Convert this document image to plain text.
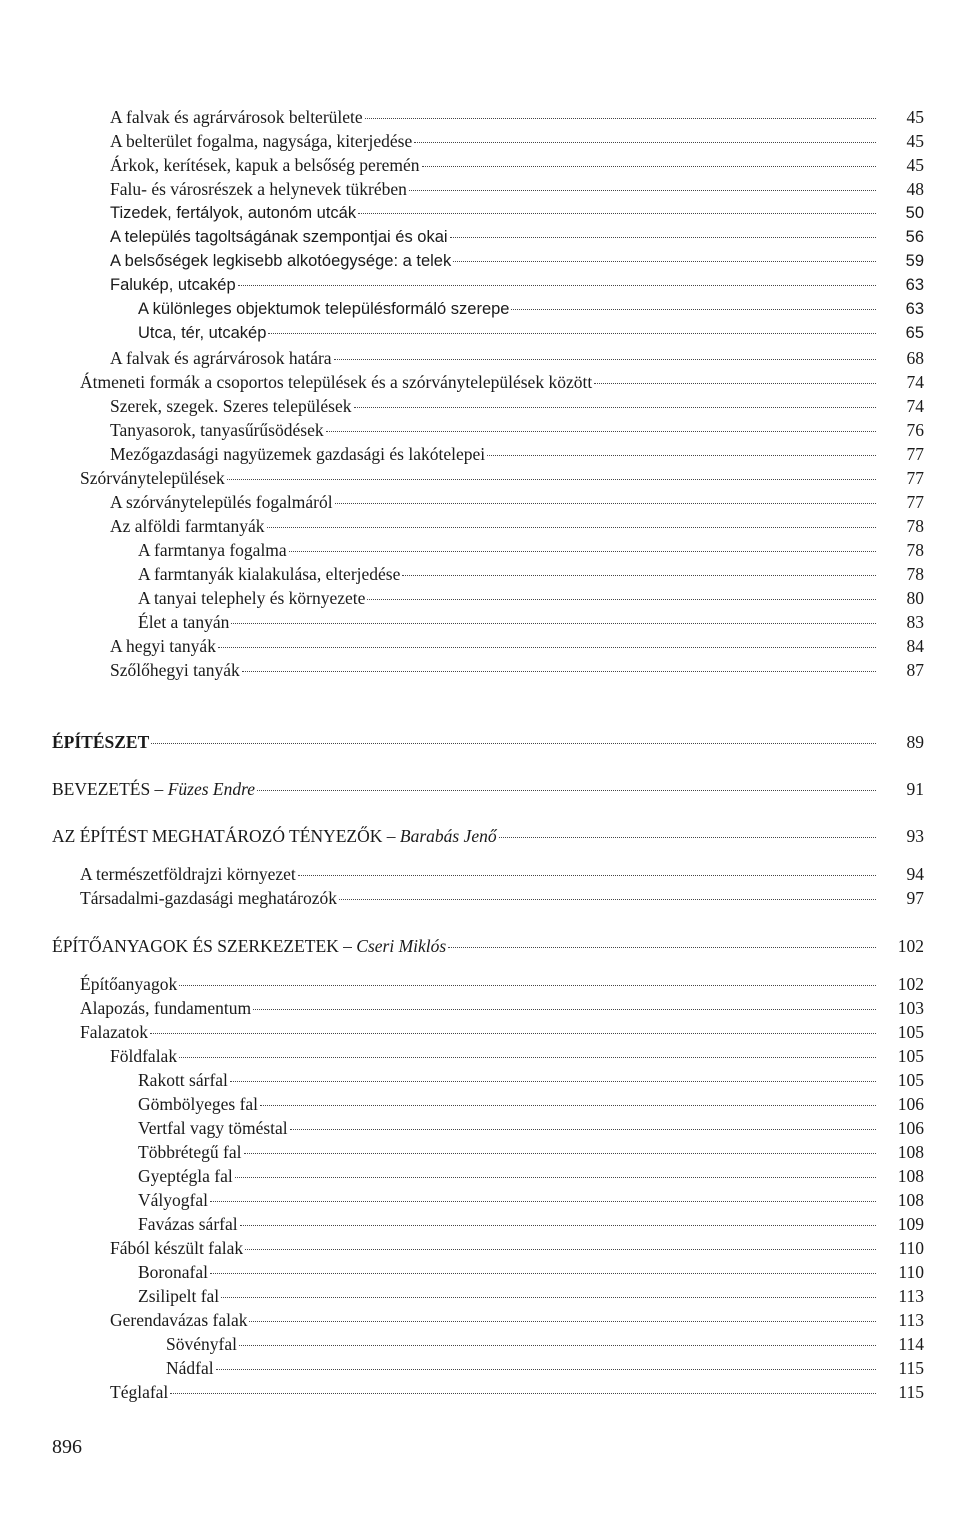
A falvak és agrárvárosok belterülete	45
A belterület fogalma, nagysága, kiterjedése	45
Árkok, kerítések, kapuk a belsőség peremén	45
Falu- és városrészek a helynevek tükrében	48
Tizedek, fertályok, autonóm utcák	50
A település tagoltságának szempontjai és okai	56
A belsőségek legkisebb alkotóegysége: a telek	59
Falukép, utcakép	63
A különleges objektumok településformáló szerepe	63
Utca, tér, utcakép	65
A falvak és agrárvárosok határa	68
Átmeneti formák a csoportos települések és a szórványtelepülések között	74
Szerek, szegek. Szeres települések	74
Tanyasorok, tanyasűrűsödések	76
Mezőgazdasági nagyüzemek gazdasági és lakótelepei	77
Szórványtelepülések	77
A szórványtelepülés fogalmáról	77
Az alföldi farmtanyák	78
A farmtanya fogalma	78
A farmtanyák kialakulása, elterjedése	78
A tanyai telephely és környezete	80
Élet a tanyán	83
A hegyi tanyák	84
Szőlőhegyi tanyák	87
ÉPÍTÉSZET	89
BEVEZETÉS – Füzes Endre	91
AZ ÉPÍTÉST MEGHATÁROZÓ TÉNYEZŐK – Barabás Jenő	93
A természetföldrajzi környezet	94
Társadalmi-gazdasági meghatározók	97
ÉPÍTŐANYAGOK ÉS SZERKEZETEK – Cseri Miklós	102
Építőanyagok	102
Alapozás, fundamentum	103
Falazatok	105
Földfalak	105
Rakott sárfal	105
Gömbölyeges fal	106
Vertfal vagy töméstal	106
Többrétegű fal	108
Gyeptégla fal	108
Vályogfal	108
Favázas sárfal	109
Fából készült falak	110
Boronafal	110
Zsilipelt fal	113
Gerendavázas falak	113
Sövényfal	114
Nádfal	115
Téglafal	115
896
